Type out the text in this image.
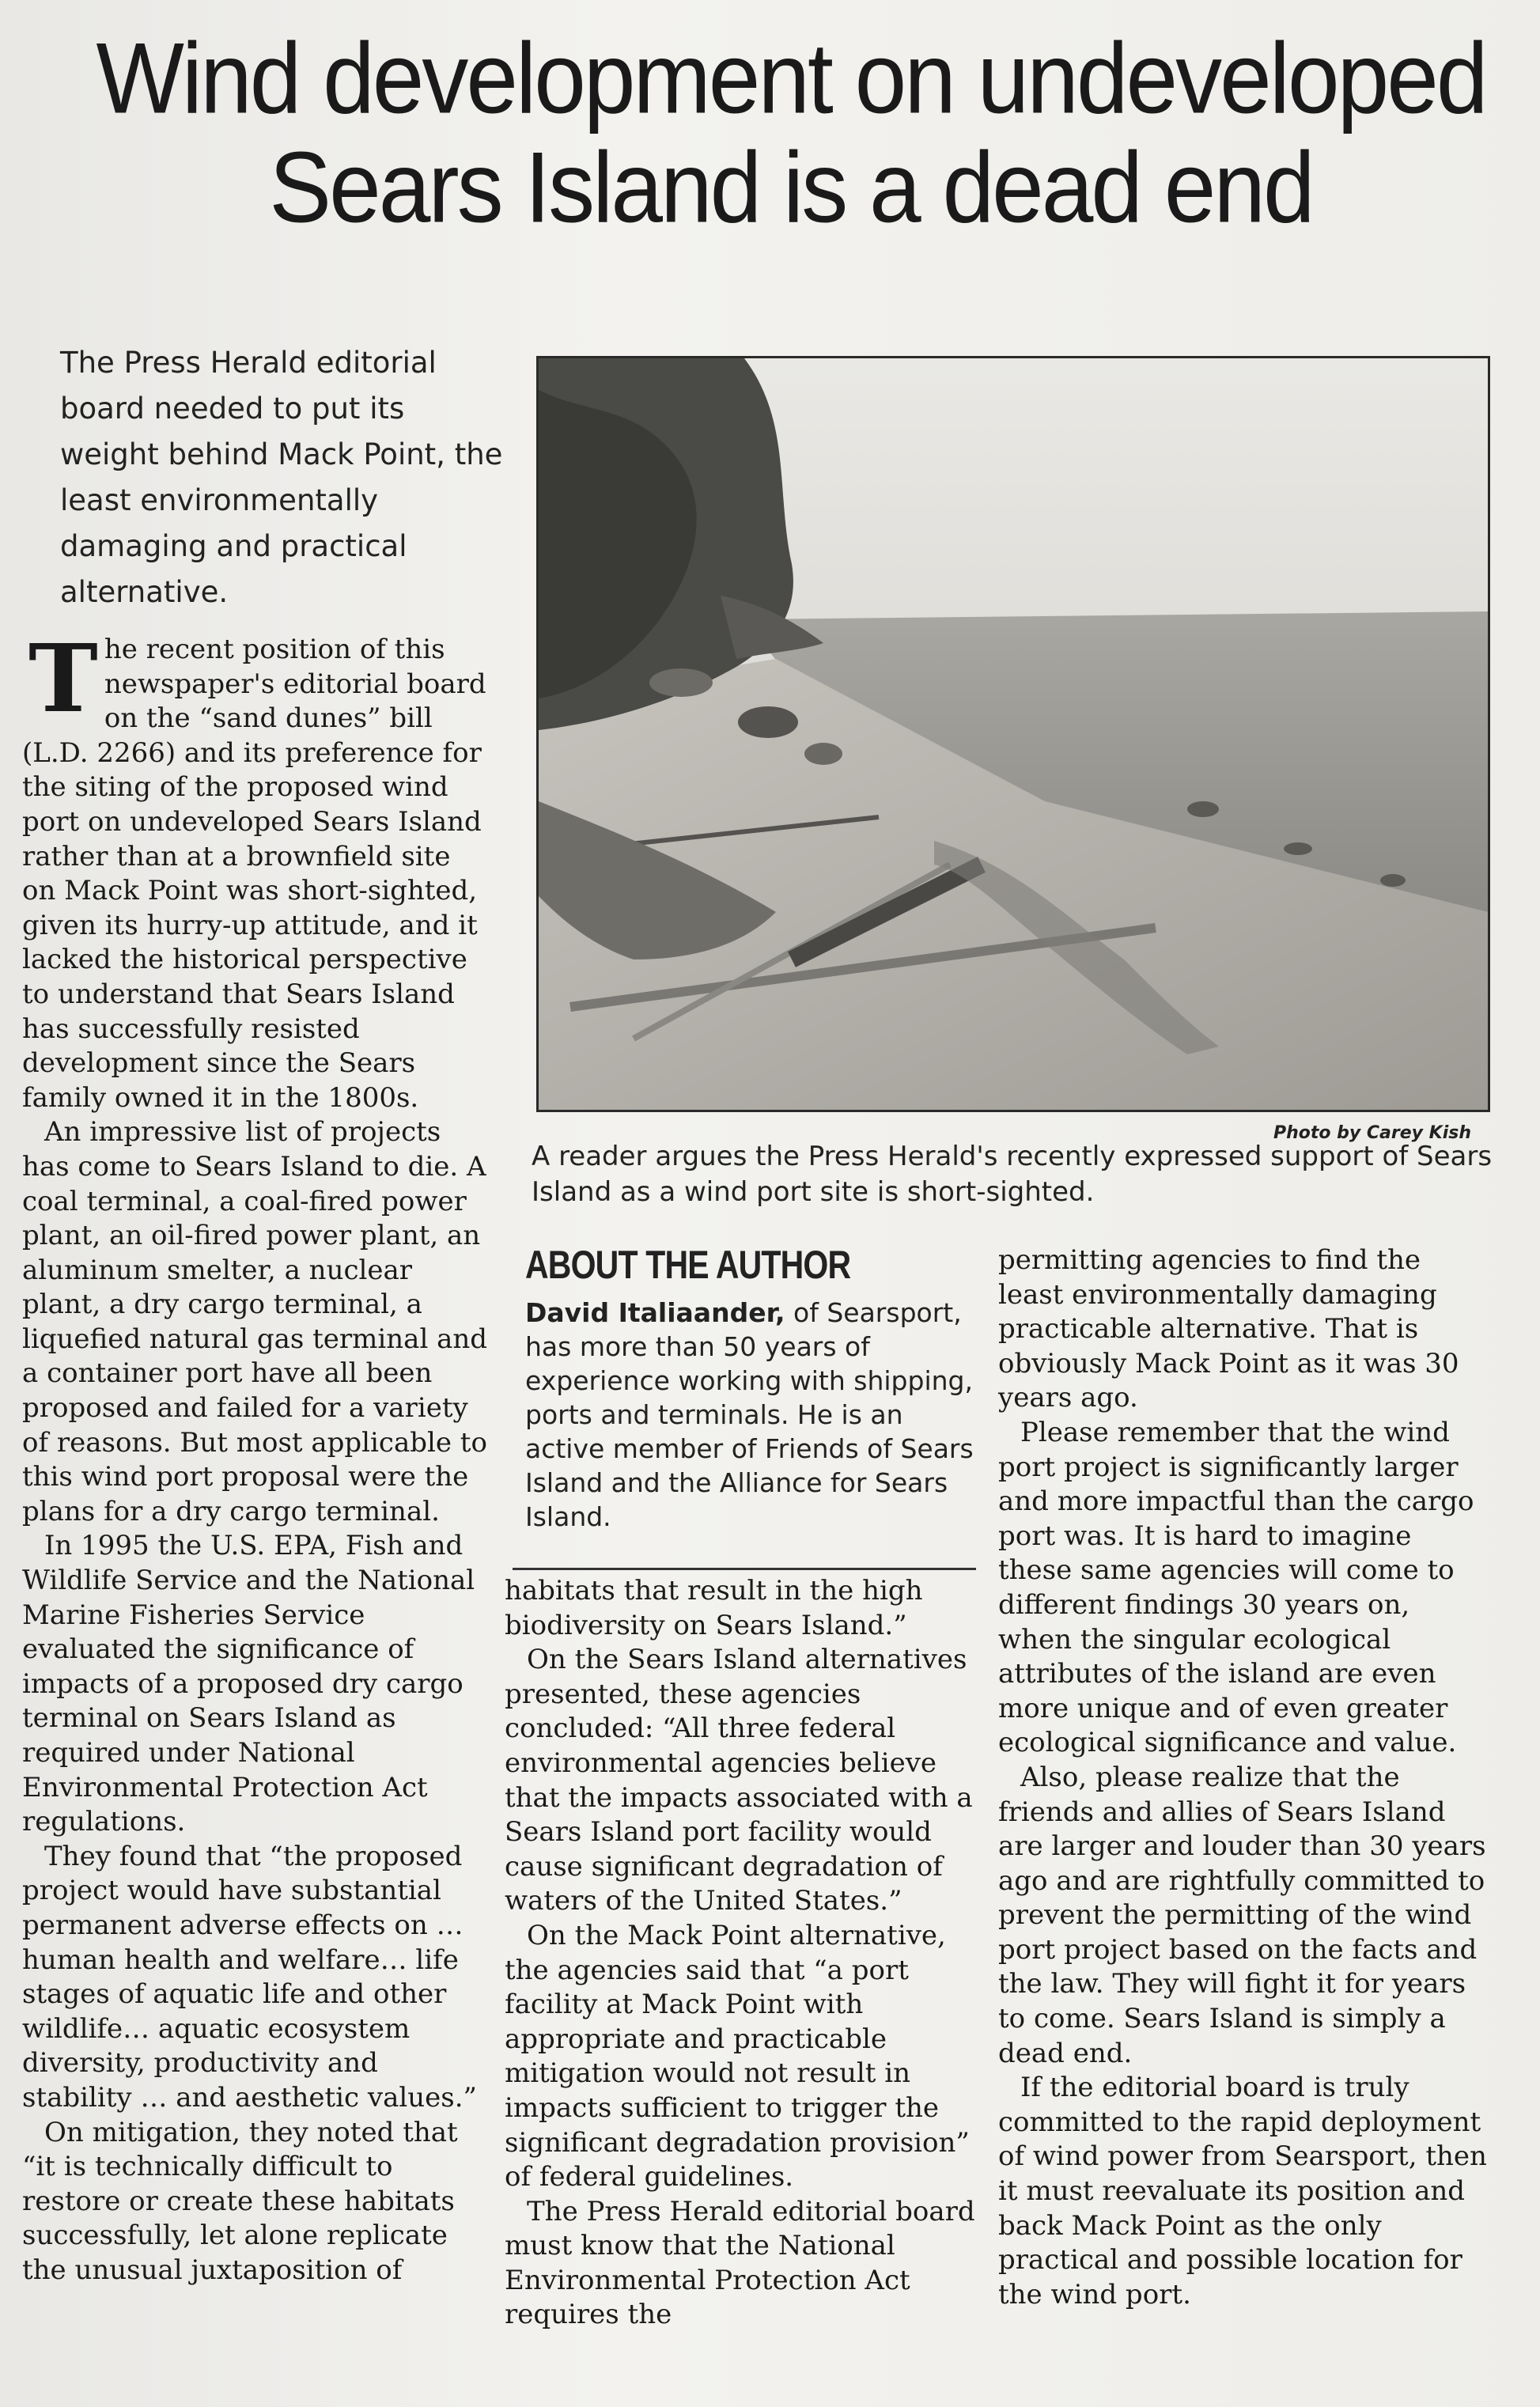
Wind development on undeveloped
Sears Island is a dead end
The Press Herald editorial board needed to put its weight behind Mack Point, the least environmentally damaging and practical alternative.
Photo by Carey Kish
A reader argues the Press Herald's recently expressed support of Sears Island as a wind port site is short-sighted.

The recent position of this newspaper's editorial board on the “sand dunes” bill (L.D. 2266) and its preference for the siting of the proposed wind port on undeveloped Sears Island rather than at a brownfield site on Mack Point was short-sighted, given its hurry-up attitude, and it lacked the historical perspective to understand that Sears Island has successfully resisted development since the Sears family owned it in the 1800s.

An impressive list of projects has come to Sears Island to die. A coal terminal, a coal-fired power plant, an oil-fired power plant, an aluminum smelter, a nuclear plant, a dry cargo terminal, a liquefied natural gas terminal and a container port have all been proposed and failed for a variety of reasons. But most applicable to this wind port proposal were the plans for a dry cargo terminal.

In 1995 the U.S. EPA, Fish and Wildlife Service and the National Marine Fisheries Service evaluated the significance of impacts of a proposed dry cargo terminal on Sears Island as required under National Environmental Protection Act regulations.

They found that “the proposed project would have substantial permanent adverse effects on … human health and welfare… life stages of aquatic life and other wildlife… aquatic ecosystem diversity, productivity and stability … and aesthetic values.”

On mitigation, they noted that “it is technically difficult to restore or create these habitats successfully, let alone replicate the unusual juxtaposition of

ABOUT THE AUTHOR
David Italiaander, of Searsport, has more than 50 years of experience working with shipping, ports and terminals. He is an active member of Friends of Sears Island and the Alliance for Sears Island.

habitats that result in the high biodiversity on Sears Island.”

On the Sears Island alternatives presented, these agencies concluded: “All three federal environmental agencies believe that the impacts associated with a Sears Island port facility would cause significant degradation of waters of the United States.”

On the Mack Point alternative, the agencies said that “a port facility at Mack Point with appropriate and practicable mitigation would not result in impacts sufficient to trigger the significant degradation provision” of federal guidelines.

The Press Herald editorial board must know that the National Environmental Protection Act requires the

permitting agencies to find the least environmentally damaging practicable alternative. That is obviously Mack Point as it was 30 years ago.

Please remember that the wind port project is significantly larger and more impactful than the cargo port was. It is hard to imagine these same agencies will come to different findings 30 years on, when the singular ecological attributes of the island are even more unique and of even greater ecological significance and value.

Also, please realize that the friends and allies of Sears Island are larger and louder than 30 years ago and are rightfully committed to prevent the permitting of the wind port project based on the facts and the law. They will fight it for years to come. Sears Island is simply a dead end.

If the editorial board is truly committed to the rapid deployment of wind power from Searsport, then it must reevaluate its position and back Mack Point as the only practical and possible location for the wind port.
